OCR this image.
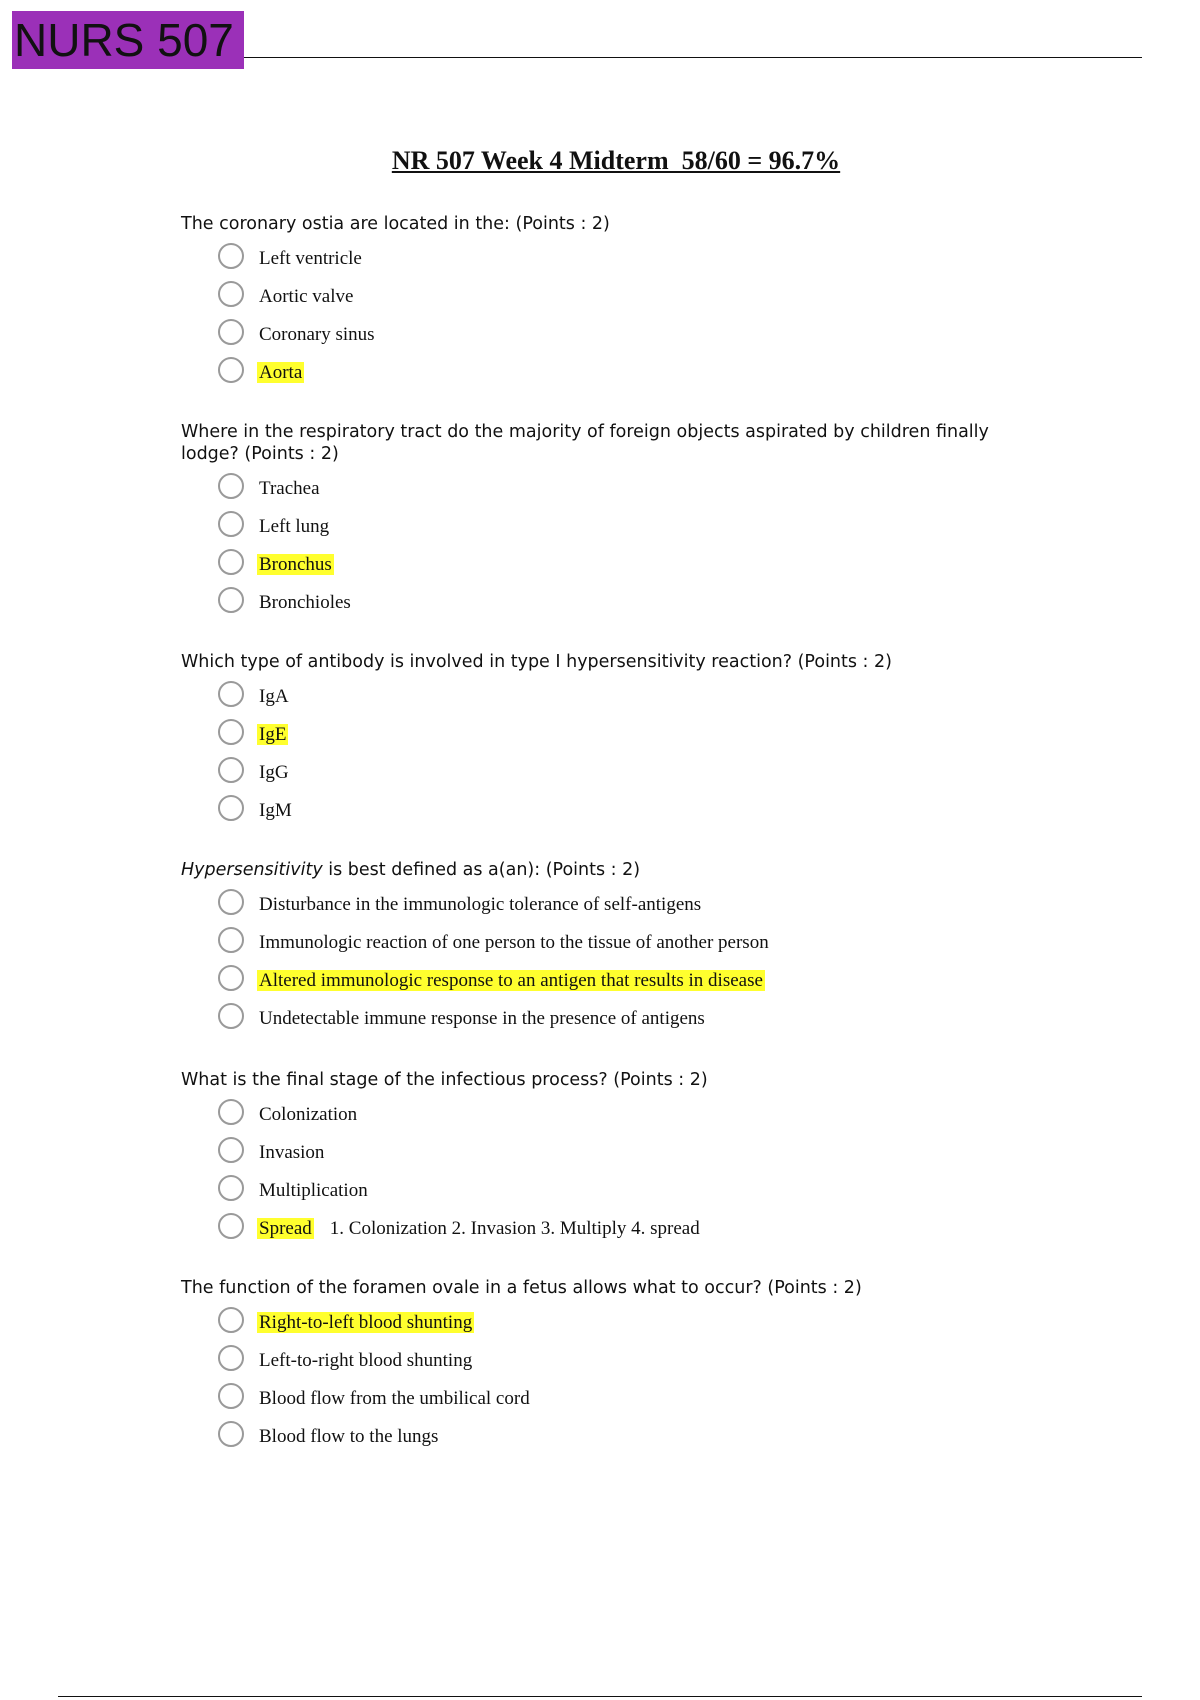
NURS 507
NR 507 Week 4 Midterm  58/60 = 96.7%

The coronary ostia are located in the: (Points : 2)

Left ventricle
Aortic valve
Coronary sinus
Aorta

Where in the respiratory tract do the majority of foreign objects aspirated by children finally lodge? (Points : 2)

Trachea
Left lung
Bronchus
Bronchioles

Which type of antibody is involved in type I hypersensitivity reaction? (Points : 2)

IgA
IgE
IgG
IgM

Hypersensitivity is best defined as a(an): (Points : 2)

Disturbance in the immunologic tolerance of self-antigens
Immunologic reaction of one person to the tissue of another person
Altered immunologic response to an antigen that results in disease
Undetectable immune response in the presence of antigens

What is the final stage of the infectious process? (Points : 2)

Colonization
Invasion
Multiplication
Spread 1. Colonization 2. Invasion 3. Multiply 4. spread

The function of the foramen ovale in a fetus allows what to occur? (Points : 2)

Right-to-left blood shunting
Left-to-right blood shunting
Blood flow from the umbilical cord
Blood flow to the lungs
